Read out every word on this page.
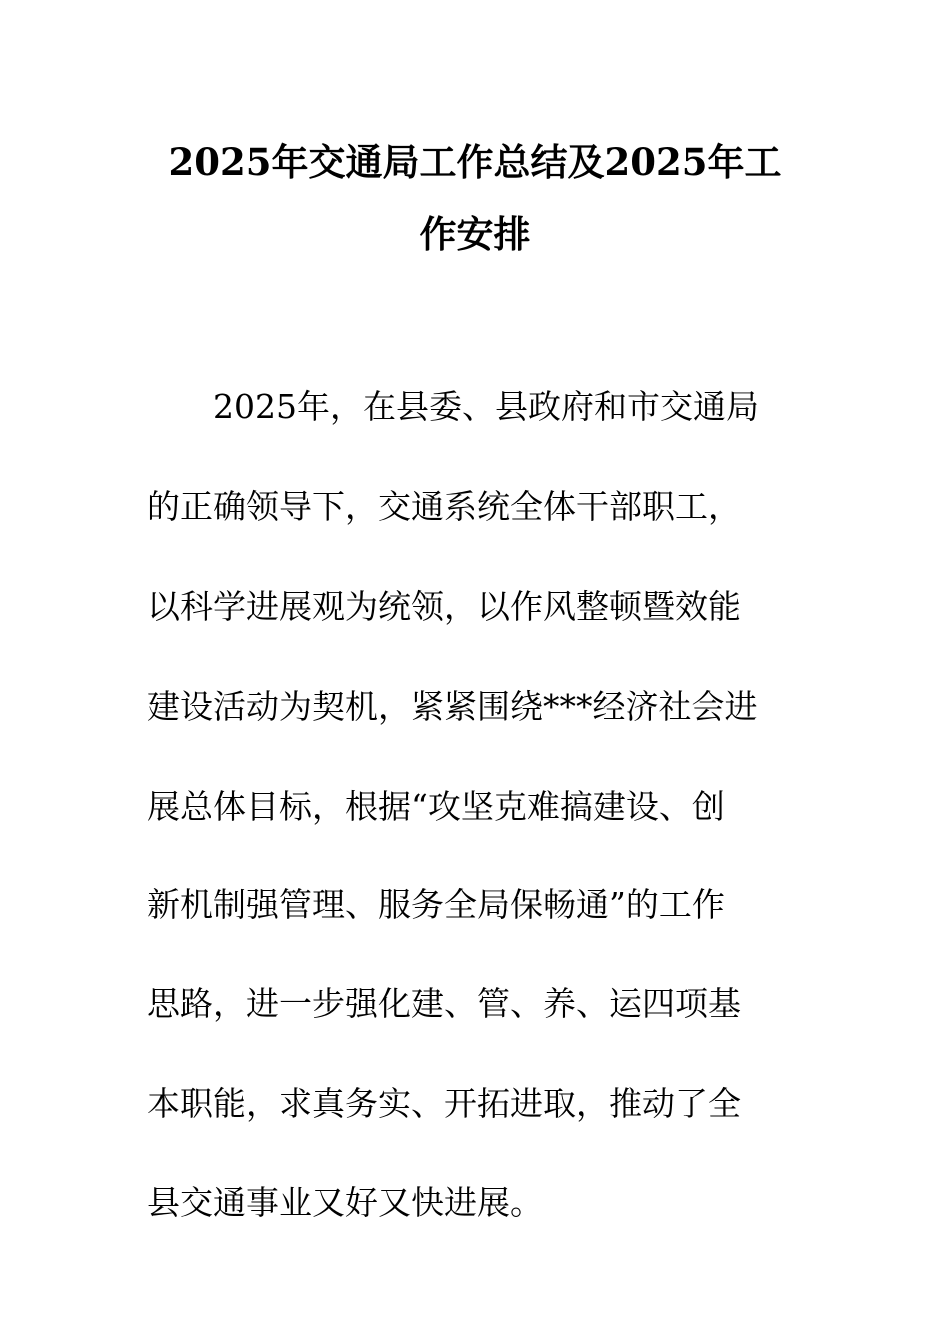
2025年交通局工作总结及2025年工
作安排
2025年，在县委、县政府和市交通局
的正确领导下，交通系统全体干部职工，
以科学进展观为统领，以作风整顿暨效能
建设活动为契机，紧紧围绕***经济社会进
展总体目标，根据“攻坚克难搞建设、创
新机制强管理、服务全局保畅通”的工作
思路，进一步强化建、管、养、运四项基
本职能，求真务实、开拓进取，推动了全
县交通事业又好又快进展。
